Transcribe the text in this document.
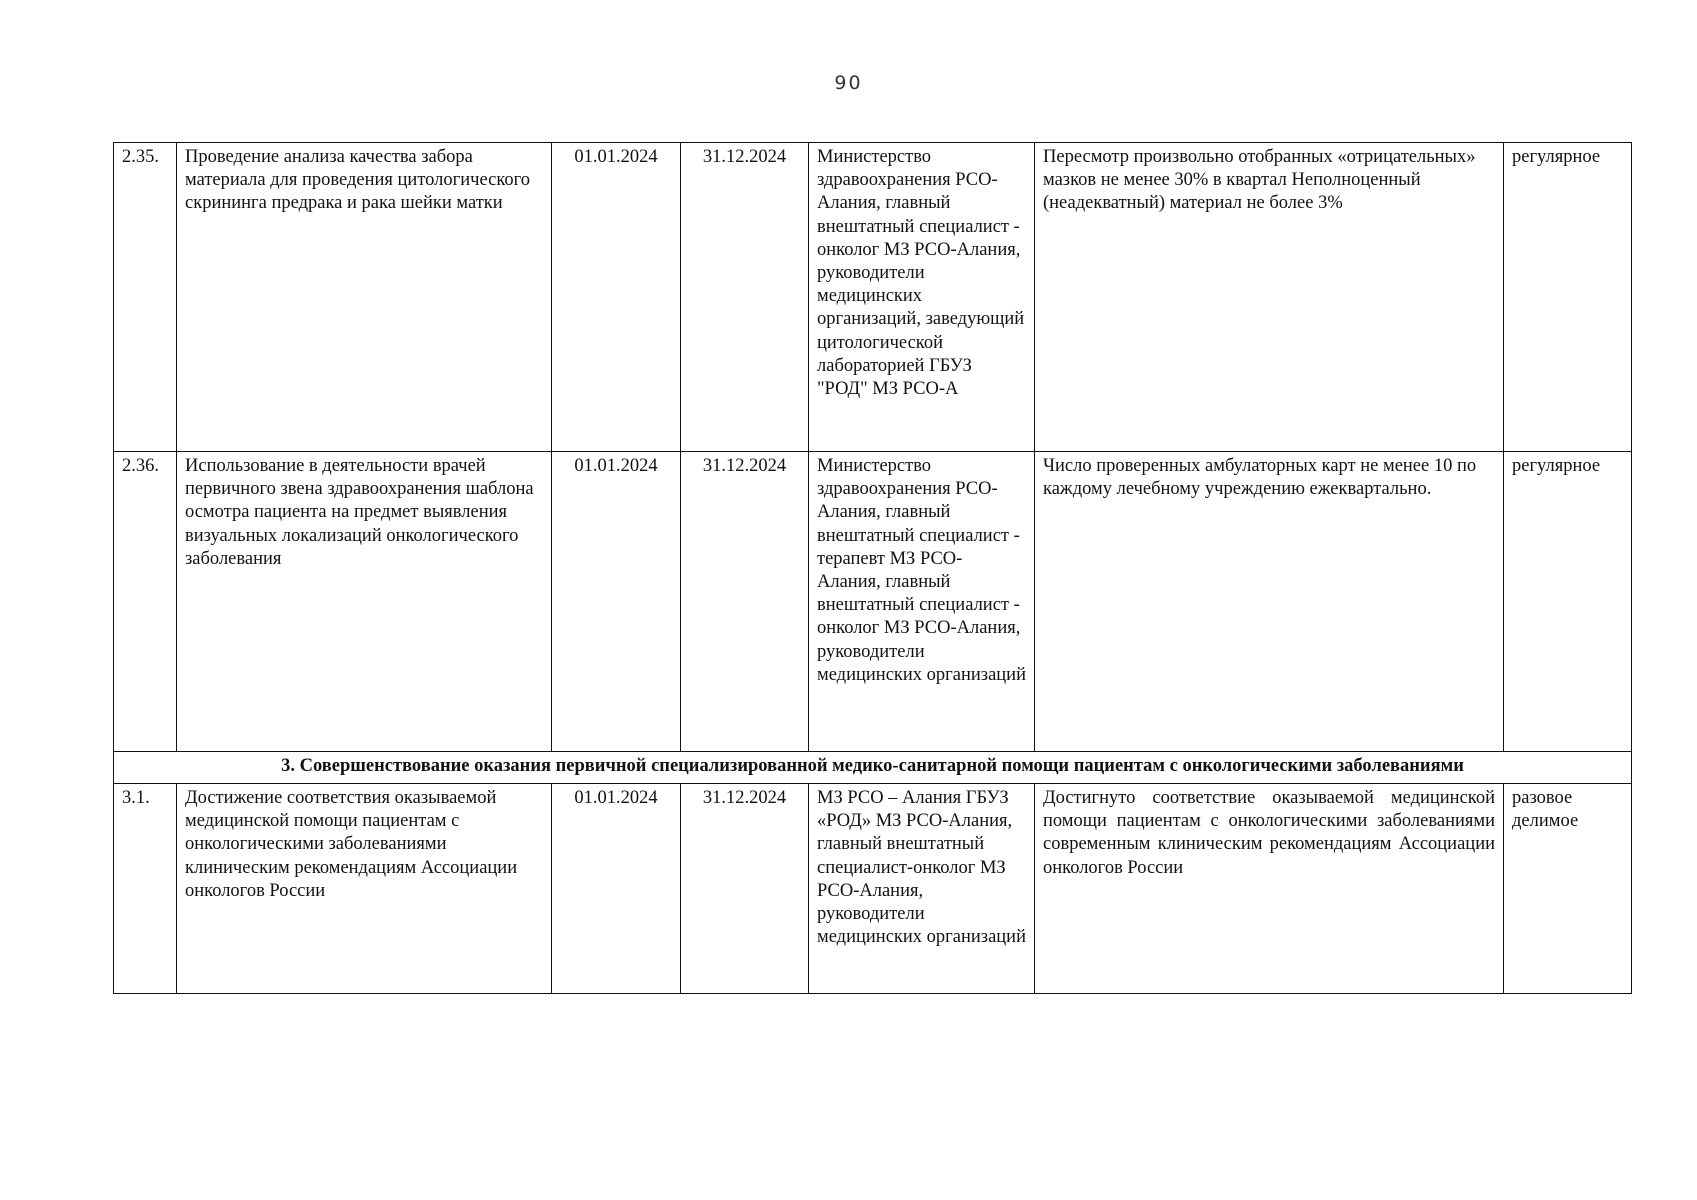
90
2.35.	Проведение анализа качества забора материала для проведения цитологического скрининга предрака и рака шейки матки	01.01.2024	31.12.2024	Министерство здравоохранения РСО-Алания, главный внештатный специалист - онколог МЗ РСО-Алания, руководители медицинских организаций, заведующий цитологической лабораторией ГБУЗ "РОД" МЗ РСО-А	Пересмотр произвольно отобранных «отрицательных» мазков не менее 30% в квартал Неполноценный (неадекватный) материал не более 3%	регулярное
2.36.	Использование в деятельности врачей первичного звена здравоохранения шаблона осмотра пациента на предмет выявления визуальных локализаций онкологического заболевания	01.01.2024	31.12.2024	Министерство здравоохранения РСО-Алания, главный внештатный специалист - терапевт МЗ РСО-Алания, главный внештатный специалист - онколог МЗ РСО-Алания, руководители медицинских организаций	Число проверенных амбулаторных карт не менее 10 по каждому лечебному учреждению ежеквартально.	регулярное
3. Совершенствование оказания первичной специализированной медико-санитарной помощи пациентам с онкологическими заболеваниями						
3.1.	Достижение соответствия оказываемой медицинской помощи пациентам с онкологическими заболеваниями клиническим рекомендациям Ассоциации онкологов России	01.01.2024	31.12.2024	МЗ РСО – Алания ГБУЗ «РОД» МЗ РСО-Алания, главный внештатный специалист-онколог МЗ РСО-Алания, руководители медицинских организаций	Достигнуто соответствие оказываемой медицинской помощи пациентам с онкологическими заболеваниями современным клиническим рекомендациям Ассоциации онкологов России	разовое делимое
